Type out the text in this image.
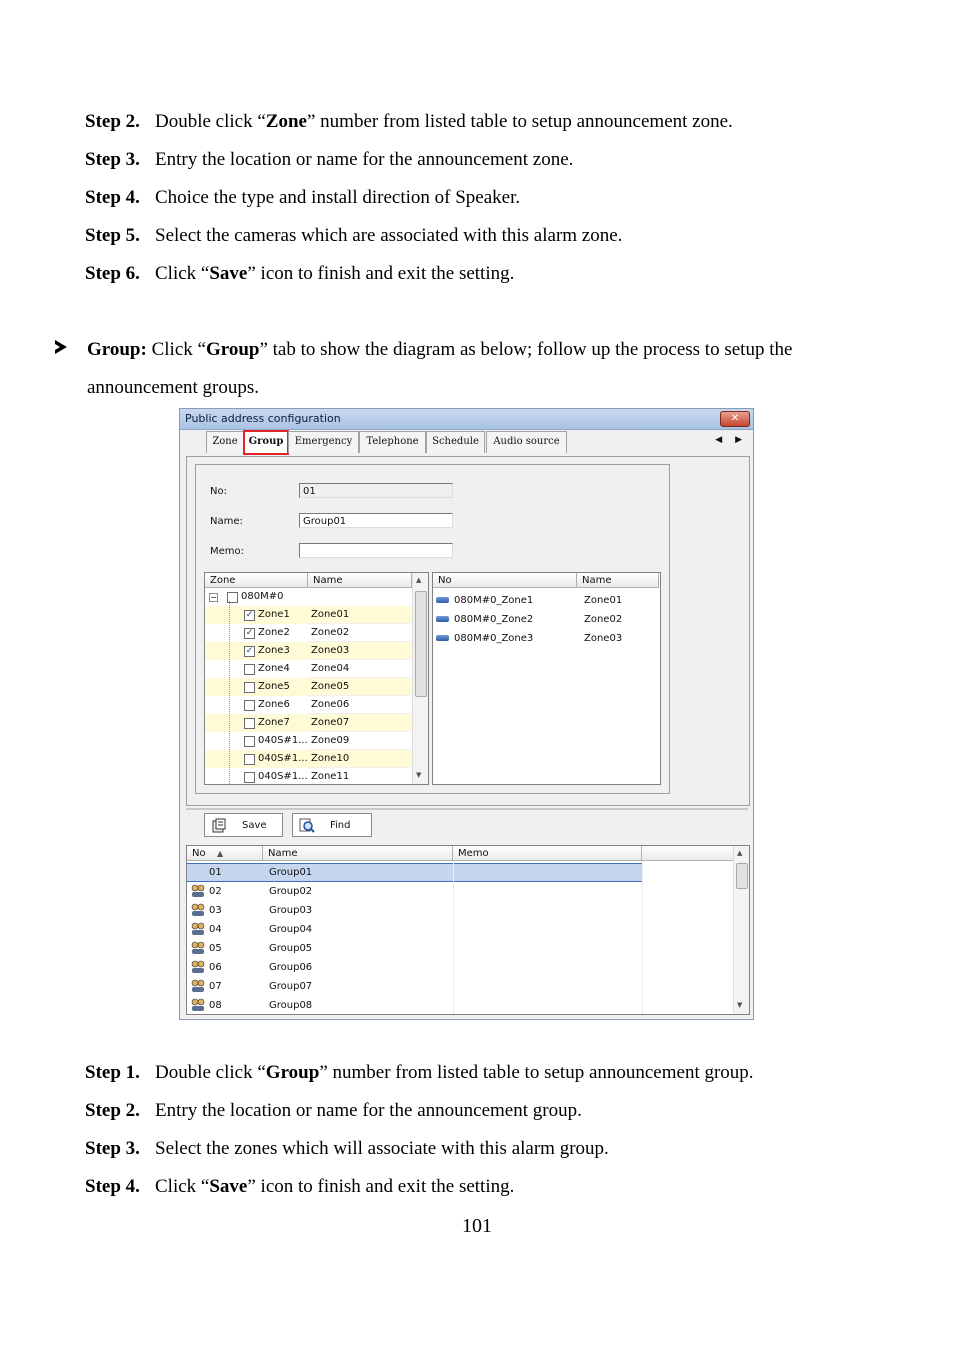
Step 2. Double click “Zone” number from listed table to setup announcement zone.
Step 3. Entry the location or name for the announcement zone.
Step 4. Choice the type and install direction of Speaker.
Step 5. Select the cameras which are associated with this alarm zone.
Step 6. Click “Save” icon to finish and exit the setting.
Group: Click “Group” tab to show the diagram as below; follow up the process to setup the
announcement groups.
Public address configuration	✕
Zone	Group	Emergency	Telephone	Schedule	Audio source	◀ ▶
No:	01
Name:	Group01
Memo:
Zone	Name
− 080M#0
✓ Zone1	Zone01
✓ Zone2	Zone02
✓ Zone3	Zone03
Zone4	Zone04
Zone5	Zone05
Zone6	Zone06
Zone7	Zone07
040S#1... Zone09
040S#1... Zone10
040S#1... Zone11
▲
▼
No	Name
080M#0_Zone1	Zone01
080M#0_Zone2	Zone02
080M#0_Zone3	Zone03
Save	Find
No ▲	Name	Memo
01	Group01
02	Group02
03	Group03
04	Group04
05	Group05
06	Group06
07	Group07
08	Group08
▲
▼
Step 1. Double click “Group” number from listed table to setup announcement group.
Step 2. Entry the location or name for the announcement group.
Step 3. Select the zones which will associate with this alarm group.
Step 4. Click “Save” icon to finish and exit the setting.
101
